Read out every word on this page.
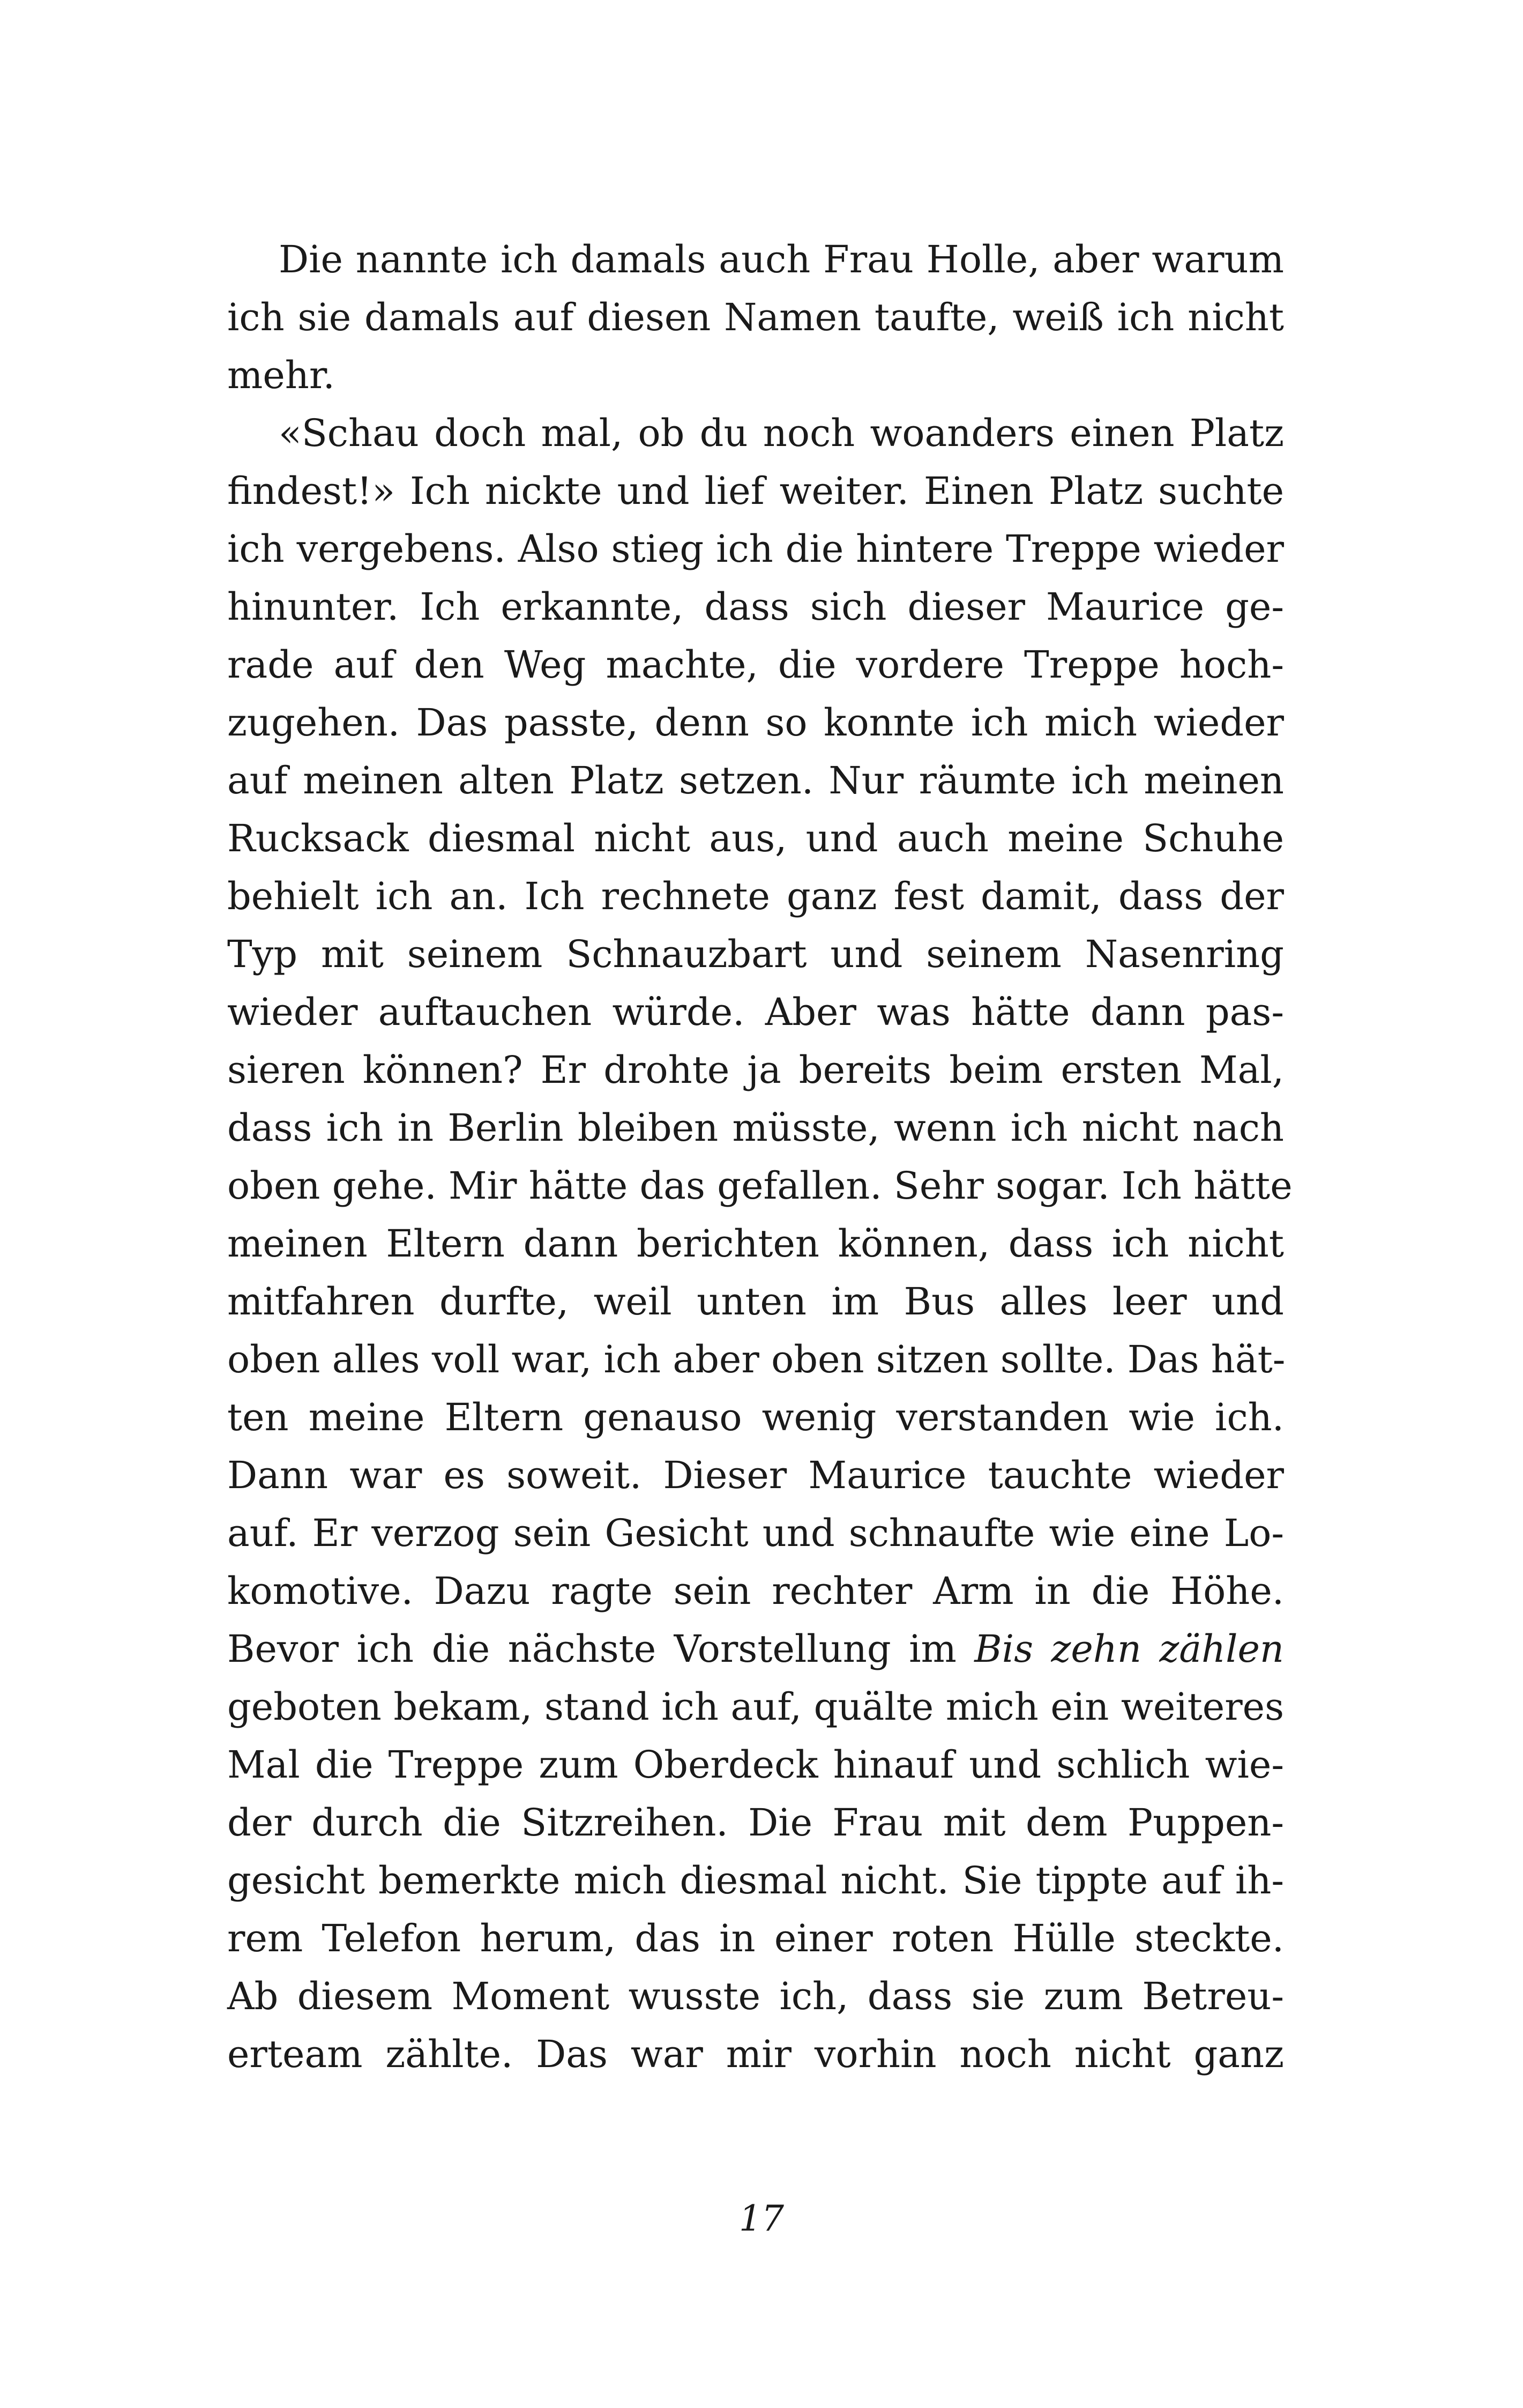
Die nannte ich damals auch Frau Holle, aber warum
ich sie damals auf diesen Namen taufte, weiß ich nicht
mehr.
«Schau doch mal, ob du noch woanders einen Platz
findest!» Ich nickte und lief weiter. Einen Platz suchte
ich vergebens. Also stieg ich die hintere Treppe wieder
hinunter. Ich erkannte, dass sich dieser Maurice ge-
rade auf den Weg machte, die vordere Treppe hoch-
zugehen. Das passte, denn so konnte ich mich wieder
auf meinen alten Platz setzen. Nur räumte ich meinen
Rucksack diesmal nicht aus, und auch meine Schuhe
behielt ich an. Ich rechnete ganz fest damit, dass der
Typ mit seinem Schnauzbart und seinem Nasenring
wieder auftauchen würde. Aber was hätte dann pas-
sieren können? Er drohte ja bereits beim ersten Mal,
dass ich in Berlin bleiben müsste, wenn ich nicht nach
oben gehe. Mir hätte das gefallen. Sehr sogar. Ich hätte
meinen Eltern dann berichten können, dass ich nicht
mitfahren durfte, weil unten im Bus alles leer und
oben alles voll war, ich aber oben sitzen sollte. Das hät-
ten meine Eltern genauso wenig verstanden wie ich.
Dann war es soweit. Dieser Maurice tauchte wieder
auf. Er verzog sein Gesicht und schnaufte wie eine Lo-
komotive. Dazu ragte sein rechter Arm in die Höhe.
Bevor ich die nächste Vorstellung im Bis zehn zählen
geboten bekam, stand ich auf, quälte mich ein weiteres
Mal die Treppe zum Oberdeck hinauf und schlich wie-
der durch die Sitzreihen. Die Frau mit dem Puppen-
gesicht bemerkte mich diesmal nicht. Sie tippte auf ih-
rem Telefon herum, das in einer roten Hülle steckte.
Ab diesem Moment wusste ich, dass sie zum Betreu-
erteam zählte. Das war mir vorhin noch nicht ganz
17
